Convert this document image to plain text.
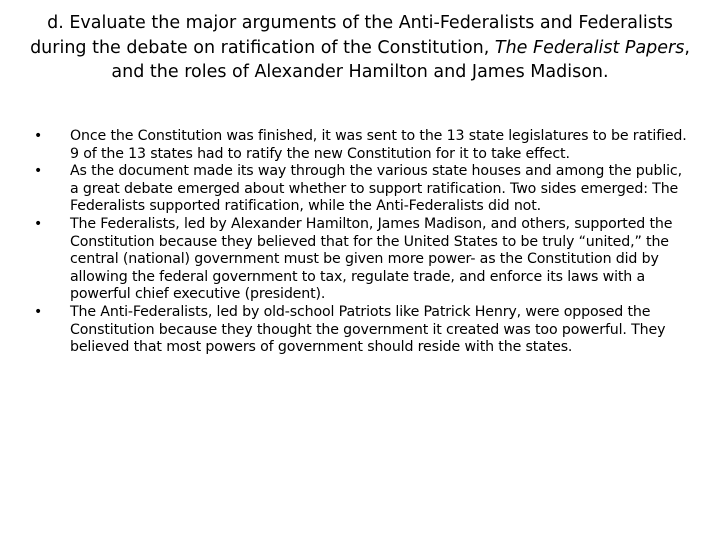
d. Evaluate the major arguments of the Anti-Federalists and Federalists during the debate on ratification of the Constitution, The Federalist Papers, and the roles of Alexander Hamilton and James Madison.
• Once the Constitution was finished, it was sent to the 13 state legislatures to be ratified. 9 of the 13 states had to ratify the new Constitution for it to take effect.
• As the document made its way through the various state houses and among the public, a great debate emerged about whether to support ratification. Two sides emerged: The Federalists supported ratification, while the Anti-Federalists did not.
• The Federalists, led by Alexander Hamilton, James Madison, and others, supported the Constitution because they believed that for the United States to be truly “united,” the central (national) government must be given more power- as the Constitution did by allowing the federal government to tax, regulate trade, and enforce its laws with a powerful chief executive (president).
• The Anti-Federalists, led by old-school Patriots like Patrick Henry, were opposed the Constitution because they thought the government it created was too powerful. They believed that most powers of government should reside with the states.
